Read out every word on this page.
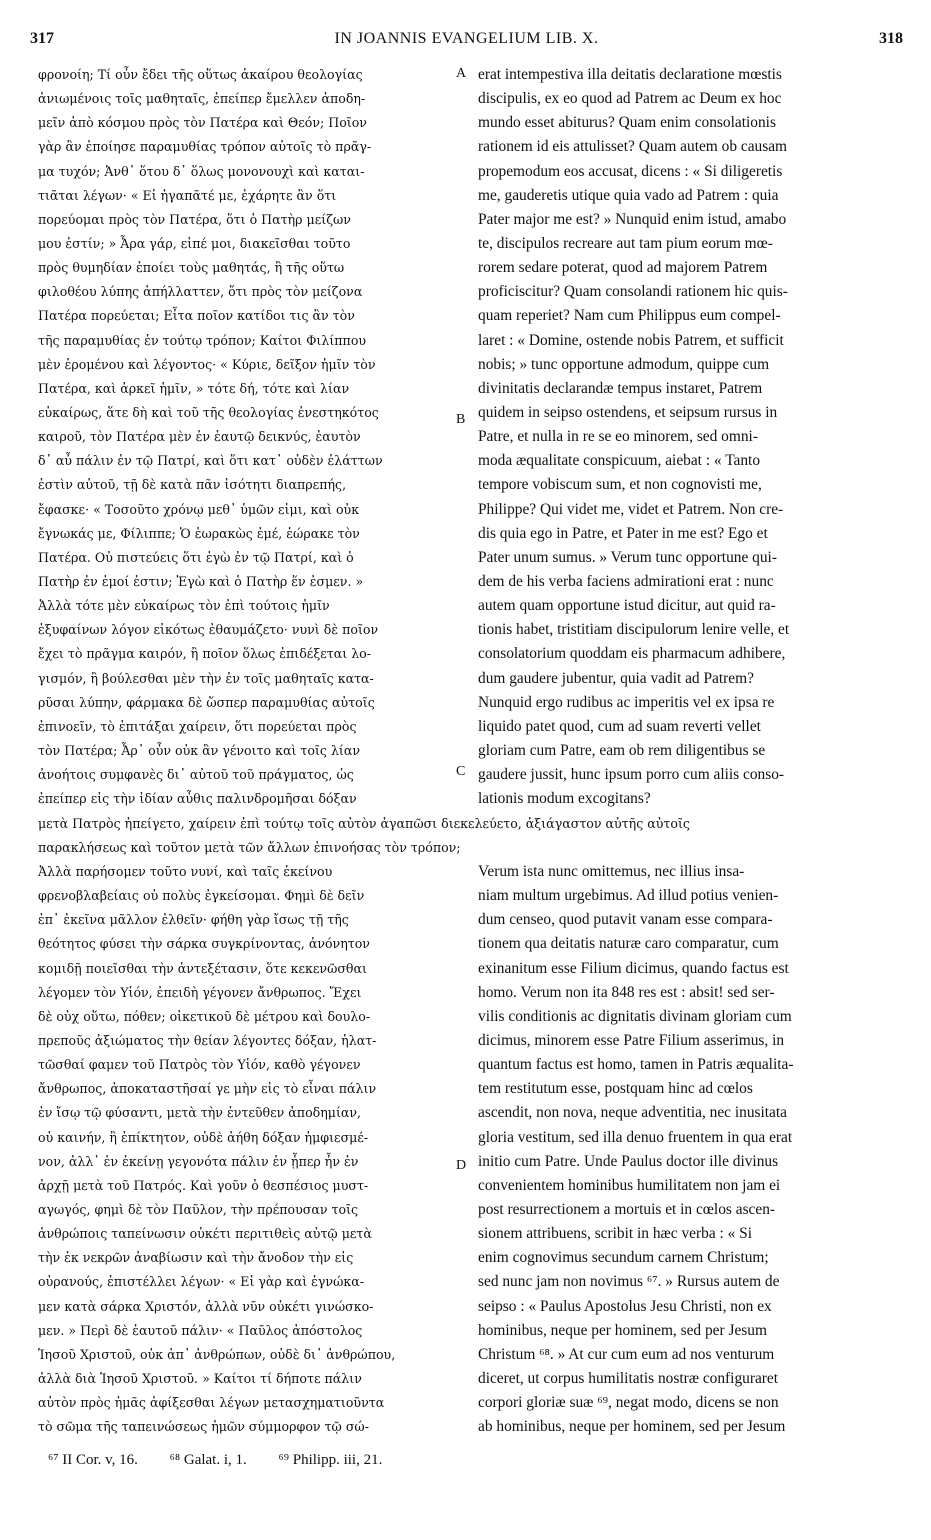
317	IN JOANNIS EVANGELIUM LIB. X.	318
φρονοίη; Τί οὖν ἔδει τῆς οὕτως ἀκαίρου θεολογίας
ἀνιωμένοις τοῖς μαθηταῖς, ἐπείπερ ἔμελλεν ἀποδη-
μεῖν ἀπὸ κόσμου πρὸς τὸν Πατέρα καὶ Θεόν; Ποῖον
γὰρ ἂν ἐποίησε παραμυθίας τρόπον αὐτοῖς τὸ πρᾶγ-
μα τυχόν; Ἀνθ᾽ ὅτου δ᾽ ὅλως μονονουχὶ καὶ καται-
τιᾶται λέγων· « Εἰ ἠγαπᾶτέ με, ἐχάρητε ἂν ὅτι
πορεύομαι πρὸς τὸν Πατέρα, ὅτι ὁ Πατὴρ μείζων
μου ἐστίν; » Ἆρα γάρ, εἰπέ μοι, διακεῖσθαι τοῦτο
πρὸς θυμηδίαν ἐποίει τοὺς μαθητάς, ἢ τῆς οὕτω
φιλοθέου λύπης ἀπήλλαττεν, ὅτι πρὸς τὸν μείζονα
Πατέρα πορεύεται; Εἶτα ποῖον κατίδοι τις ἂν τὸν
τῆς παραμυθίας ἐν τούτῳ τρόπον; Καίτοι Φιλίππου
μὲν ἐρομένου καὶ λέγοντος· « Κύριε, δεῖξον ἡμῖν τὸν
Πατέρα, καὶ ἀρκεῖ ἡμῖν, » τότε δή, τότε καὶ λίαν
εὐκαίρως, ἅτε δὴ καὶ τοῦ τῆς θεολογίας ἐνεστηκότος
καιροῦ, τὸν Πατέρα μὲν ἐν ἑαυτῷ δεικνύς, ἑαυτὸν
δ᾽ αὖ πάλιν ἐν τῷ Πατρί, καὶ ὅτι κατ᾽ οὐδὲν ἐλάττων
ἐστὶν αὐτοῦ, τῇ δὲ κατὰ πᾶν ἰσότητι διαπρεπής,
ἔφασκε· « Τοσοῦτο χρόνῳ μεθ᾽ ὑμῶν εἰμι, καὶ οὐκ
ἔγνωκάς με, Φίλιππε; Ὁ ἑωρακὼς ἐμέ, ἑώρακε τὸν
Πατέρα. Οὐ πιστεύεις ὅτι ἐγὼ ἐν τῷ Πατρί, καὶ ὁ
Πατὴρ ἐν ἐμοί ἐστιν; Ἐγὼ καὶ ὁ Πατὴρ ἕν ἐσμεν. »
Ἀλλὰ τότε μὲν εὐκαίρως τὸν ἐπὶ τούτοις ἡμῖν
ἐξυφαίνων λόγον εἰκότως ἐθαυμάζετο· νυνὶ δὲ ποῖον
ἔχει τὸ πρᾶγμα καιρόν, ἢ ποῖον ὅλως ἐπιδέξεται λο-
γισμόν, ἢ βούλεσθαι μὲν τὴν ἐν τοῖς μαθηταῖς κατα-
ρῦσαι λύπην, φάρμακα δὲ ὥσπερ παραμυθίας αὐτοῖς
ἐπινοεῖν, τὸ ἐπιτάξαι χαίρειν, ὅτι πορεύεται πρὸς
τὸν Πατέρα; Ἆρ᾽ οὖν οὐκ ἂν γένοιτο καὶ τοῖς λίαν
ἀνοήτοις συμφανὲς δι᾽ αὐτοῦ τοῦ πράγματος, ὡς
ἐπείπερ εἰς τὴν ἰδίαν αὖθις παλινδρομῆσαι δόξαν
erat intempestiva illa deitatis declaratione mœstis
discipulis, ex eo quod ad Patrem ac Deum ex hoc
mundo esset abiturus? Quam enim consolationis
rationem id eis attulisset? Quam autem ob causam
propemodum eos accusat, dicens : « Si diligeretis
me, gauderetis utique quia vado ad Patrem : quia
Pater major me est? » Nunquid enim istud, amabo
te, discipulos recreare aut tam pium eorum mœ-
rorem sedare poterat, quod ad majorem Patrem
proficiscitur? Quam consolandi rationem hic quis-
quam reperiet? Nam cum Philippus eum compel-
laret : « Domine, ostende nobis Patrem, et sufficit
nobis; » tunc opportune admodum, quippe cum
divinitatis declarandæ tempus instaret, Patrem
quidem in seipso ostendens, et seipsum rursus in
Patre, et nulla in re se eo minorem, sed omni-
moda æqualitate conspicuum, aiebat : « Tanto
tempore vobiscum sum, et non cognovisti me,
Philippe? Qui videt me, videt et Patrem. Non cre-
dis quia ego in Patre, et Pater in me est? Ego et
Pater unum sumus. » Verum tunc opportune qui-
dem de his verba faciens admirationi erat : nunc
autem quam opportune istud dicitur, aut quid ra-
tionis habet, tristitiam discipulorum lenire velle, et
consolatorium quoddam eis pharmacum adhibere,
dum gaudere jubentur, quia vadit ad Patrem?
Nunquid ergo rudibus ac imperitis vel ex ipsa re
liquido patet quod, cum ad suam reverti vellet
gloriam cum Patre, eam ob rem diligentibus se
gaudere jussit, hunc ipsum porro cum aliis conso-
lationis modum excogitans?
A
B
C
D
μετὰ Πατρὸς ἠπείγετο, χαίρειν ἐπὶ τούτῳ τοῖς αὐτὸν ἀγαπῶσι διεκελεύετο, ἀξιάγαστον αὐτῆς αὐτοῖς
παρακλήσεως καὶ τοῦτον μετὰ τῶν ἄλλων ἐπινοήσας τὸν τρόπον;
Ἀλλὰ παρήσομεν τοῦτο νυνί, καὶ ταῖς ἐκείνου
φρενοβλαβείαις οὐ πολὺς ἐγκείσομαι. Φημὶ δὲ δεῖν
ἐπ᾽ ἐκεῖνα μᾶλλον ἐλθεῖν· φήθη γὰρ ἴσως τῇ τῆς
θεότητος φύσει τὴν σάρκα συγκρίνοντας, ἀνόνητον
κομιδῇ ποιεῖσθαι τὴν ἀντεξέτασιν, ὅτε κεκενῶσθαι
λέγομεν τὸν Υἱόν, ἐπειδὴ γέγονεν ἄνθρωπος. Ἔχει
δὲ οὐχ οὕτω, πόθεν; οἰκετικοῦ δὲ μέτρου καὶ δουλο-
πρεποῦς ἀξιώματος τὴν θείαν λέγοντες δόξαν, ἡλατ-
τῶσθαί φαμεν τοῦ Πατρὸς τὸν Υἱόν, καθὸ γέγονεν
ἄνθρωπος, ἀποκαταστῆσαί γε μὴν εἰς τὸ εἶναι πάλιν
ἐν ἴσῳ τῷ φύσαντι, μετὰ τὴν ἐντεῦθεν ἀποδημίαν,
οὐ καινήν, ἢ ἐπίκτητον, οὐδὲ ἀήθη δόξαν ἠμφιεσμέ-
νον, ἀλλ᾽ ἐν ἐκείνῃ γεγονότα πάλιν ἐν ᾗπερ ἦν ἐν
ἀρχῇ μετὰ τοῦ Πατρός. Καὶ γοῦν ὁ θεσπέσιος μυστ-
αγωγός, φημὶ δὲ τὸν Παῦλον, τὴν πρέπουσαν τοῖς
ἀνθρώποις ταπείνωσιν οὐκέτι περιτιθεὶς αὐτῷ μετὰ
τὴν ἐκ νεκρῶν ἀναβίωσιν καὶ τὴν ἄνοδον τὴν εἰς
οὐρανούς, ἐπιστέλλει λέγων· « Εἰ γὰρ καὶ ἐγνώκα-
μεν κατὰ σάρκα Χριστόν, ἀλλὰ νῦν οὐκέτι γινώσκο-
μεν. » Περὶ δὲ ἑαυτοῦ πάλιν· « Παῦλος ἀπόστολος
Ἰησοῦ Χριστοῦ, οὐκ ἀπ᾽ ἀνθρώπων, οὐδὲ δι᾽ ἀνθρώπου,
ἀλλὰ διὰ Ἰησοῦ Χριστοῦ. » Καίτοι τί δήποτε πάλιν
αὐτὸν πρὸς ἡμᾶς ἀφίξεσθαι λέγων μετασχηματιοῦντα
τὸ σῶμα τῆς ταπεινώσεως ἡμῶν σύμμορφον τῷ σώ-
Verum ista nunc omittemus, nec illius insa-
niam multum urgebimus. Ad illud potius venien-
dum censeo, quod putavit vanam esse compara-
tionem qua deitatis naturæ caro comparatur, cum
exinanitum esse Filium dicimus, quando factus est
homo. Verum non ita 848 res est : absit! sed ser-
vilis conditionis ac dignitatis divinam gloriam cum
dicimus, minorem esse Patre Filium asserimus, in
quantum factus est homo, tamen in Patris æqualita-
tem restitutum esse, postquam hinc ad cœlos
ascendit, non nova, neque adventitia, nec inusitata
gloria vestitum, sed illa denuo fruentem in qua erat
initio cum Patre. Unde Paulus doctor ille divinus
convenientem hominibus humilitatem non jam ei
post resurrectionem a mortuis et in cœlos ascen-
sionem attribuens, scribit in hæc verba : « Si
enim cognovimus secundum carnem Christum;
sed nunc jam non novimus ⁶⁷. » Rursus autem de
seipso : « Paulus Apostolus Jesu Christi, non ex
hominibus, neque per hominem, sed per Jesum
Christum ⁶⁸. » At cur cum eum ad nos venturum
diceret, ut corpus humilitatis nostræ configuraret
corpori gloriæ suæ ⁶⁹, negat modo, dicens se non
ab hominibus, neque per hominem, sed per Jesum
⁶⁷ II Cor. v, 16. ⁶⁸ Galat. i, 1. ⁶⁹ Philipp. iii, 21.
